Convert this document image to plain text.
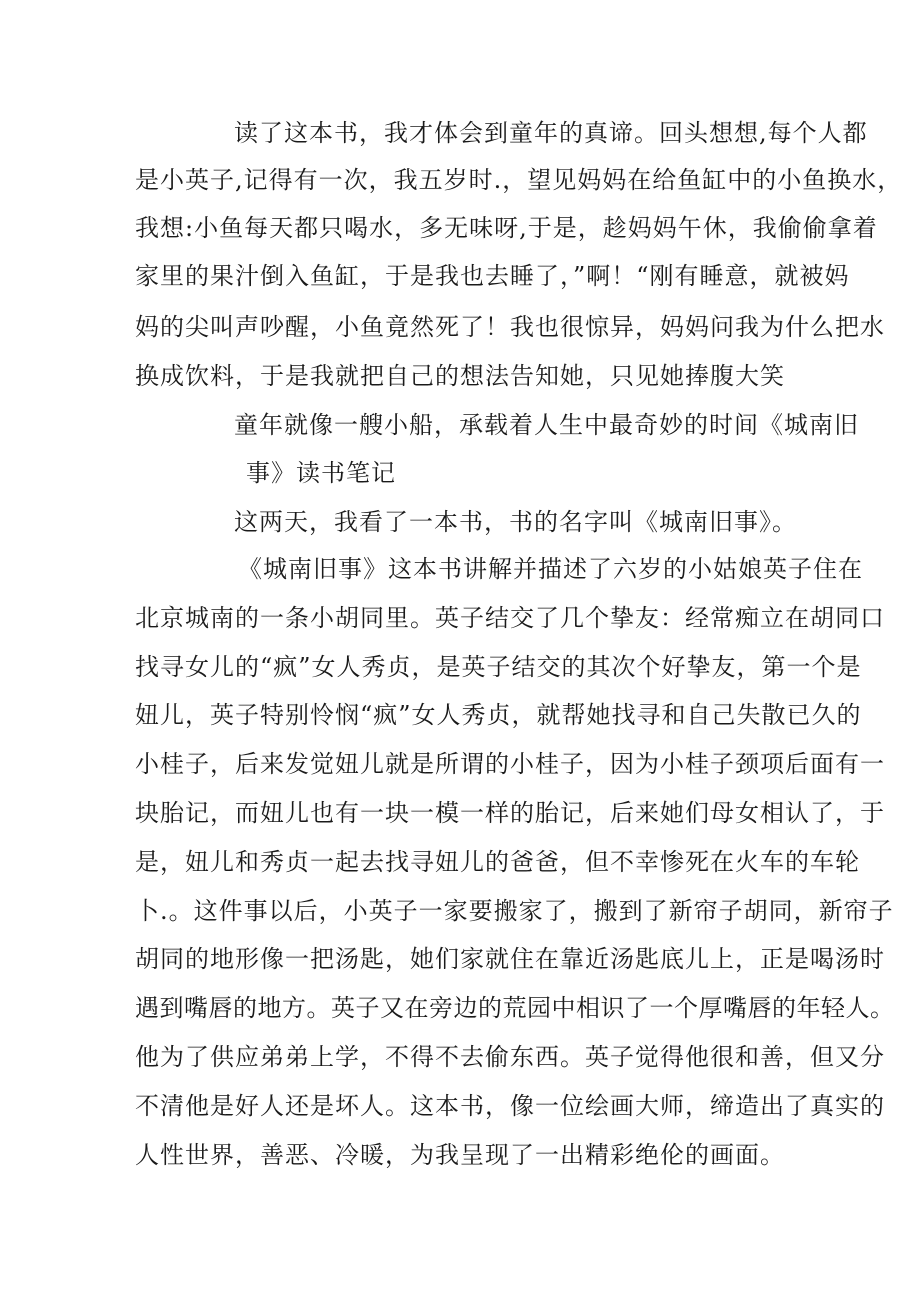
读了这本书，我才体会到童年的真谛。回头想想,每个人都
是小英子,记得有一次，我五岁时.，望见妈妈在给鱼缸中的小鱼换水，
我想:小鱼每天都只喝水，多无味呀,于是，趁妈妈午休，我偷偷拿着
家里的果汁倒入鱼缸，于是我也去睡了，”啊！“刚有睡意，就被妈
妈的尖叫声吵醒，小鱼竟然死了！我也很惊异，妈妈问我为什么把水
换成饮料，于是我就把自己的想法告知她，只见她捧腹大笑
童年就像一艘小船，承载着人生中最奇妙的时间《城南旧
事》读书笔记
这两天，我看了一本书，书的名字叫《城南旧事》。
《城南旧事》这本书讲解并描述了六岁的小姑娘英子住在
北京城南的一条小胡同里。英子结交了几个挚友：经常痴立在胡同口
找寻女儿的“疯”女人秀贞，是英子结交的其次个好挚友，第一个是
妞儿，英子特别怜悯“疯”女人秀贞，就帮她找寻和自己失散已久的
小桂子，后来发觉妞儿就是所谓的小桂子，因为小桂子颈项后面有一
块胎记，而妞儿也有一块一模一样的胎记，后来她们母女相认了，于
是，妞儿和秀贞一起去找寻妞儿的爸爸，但不幸惨死在火车的车轮
卜.。这件事以后，小英子一家要搬家了，搬到了新帘子胡同，新帘子
胡同的地形像一把汤匙，她们家就住在靠近汤匙底儿上，正是喝汤时
遇到嘴唇的地方。英子又在旁边的荒园中相识了一个厚嘴唇的年轻人。
他为了供应弟弟上学，不得不去偷东西。英子觉得他很和善，但又分
不清他是好人还是坏人。这本书，像一位绘画大师，缔造出了真实的
人性世界，善恶、冷暖，为我呈现了一出精彩绝伦的画面。
